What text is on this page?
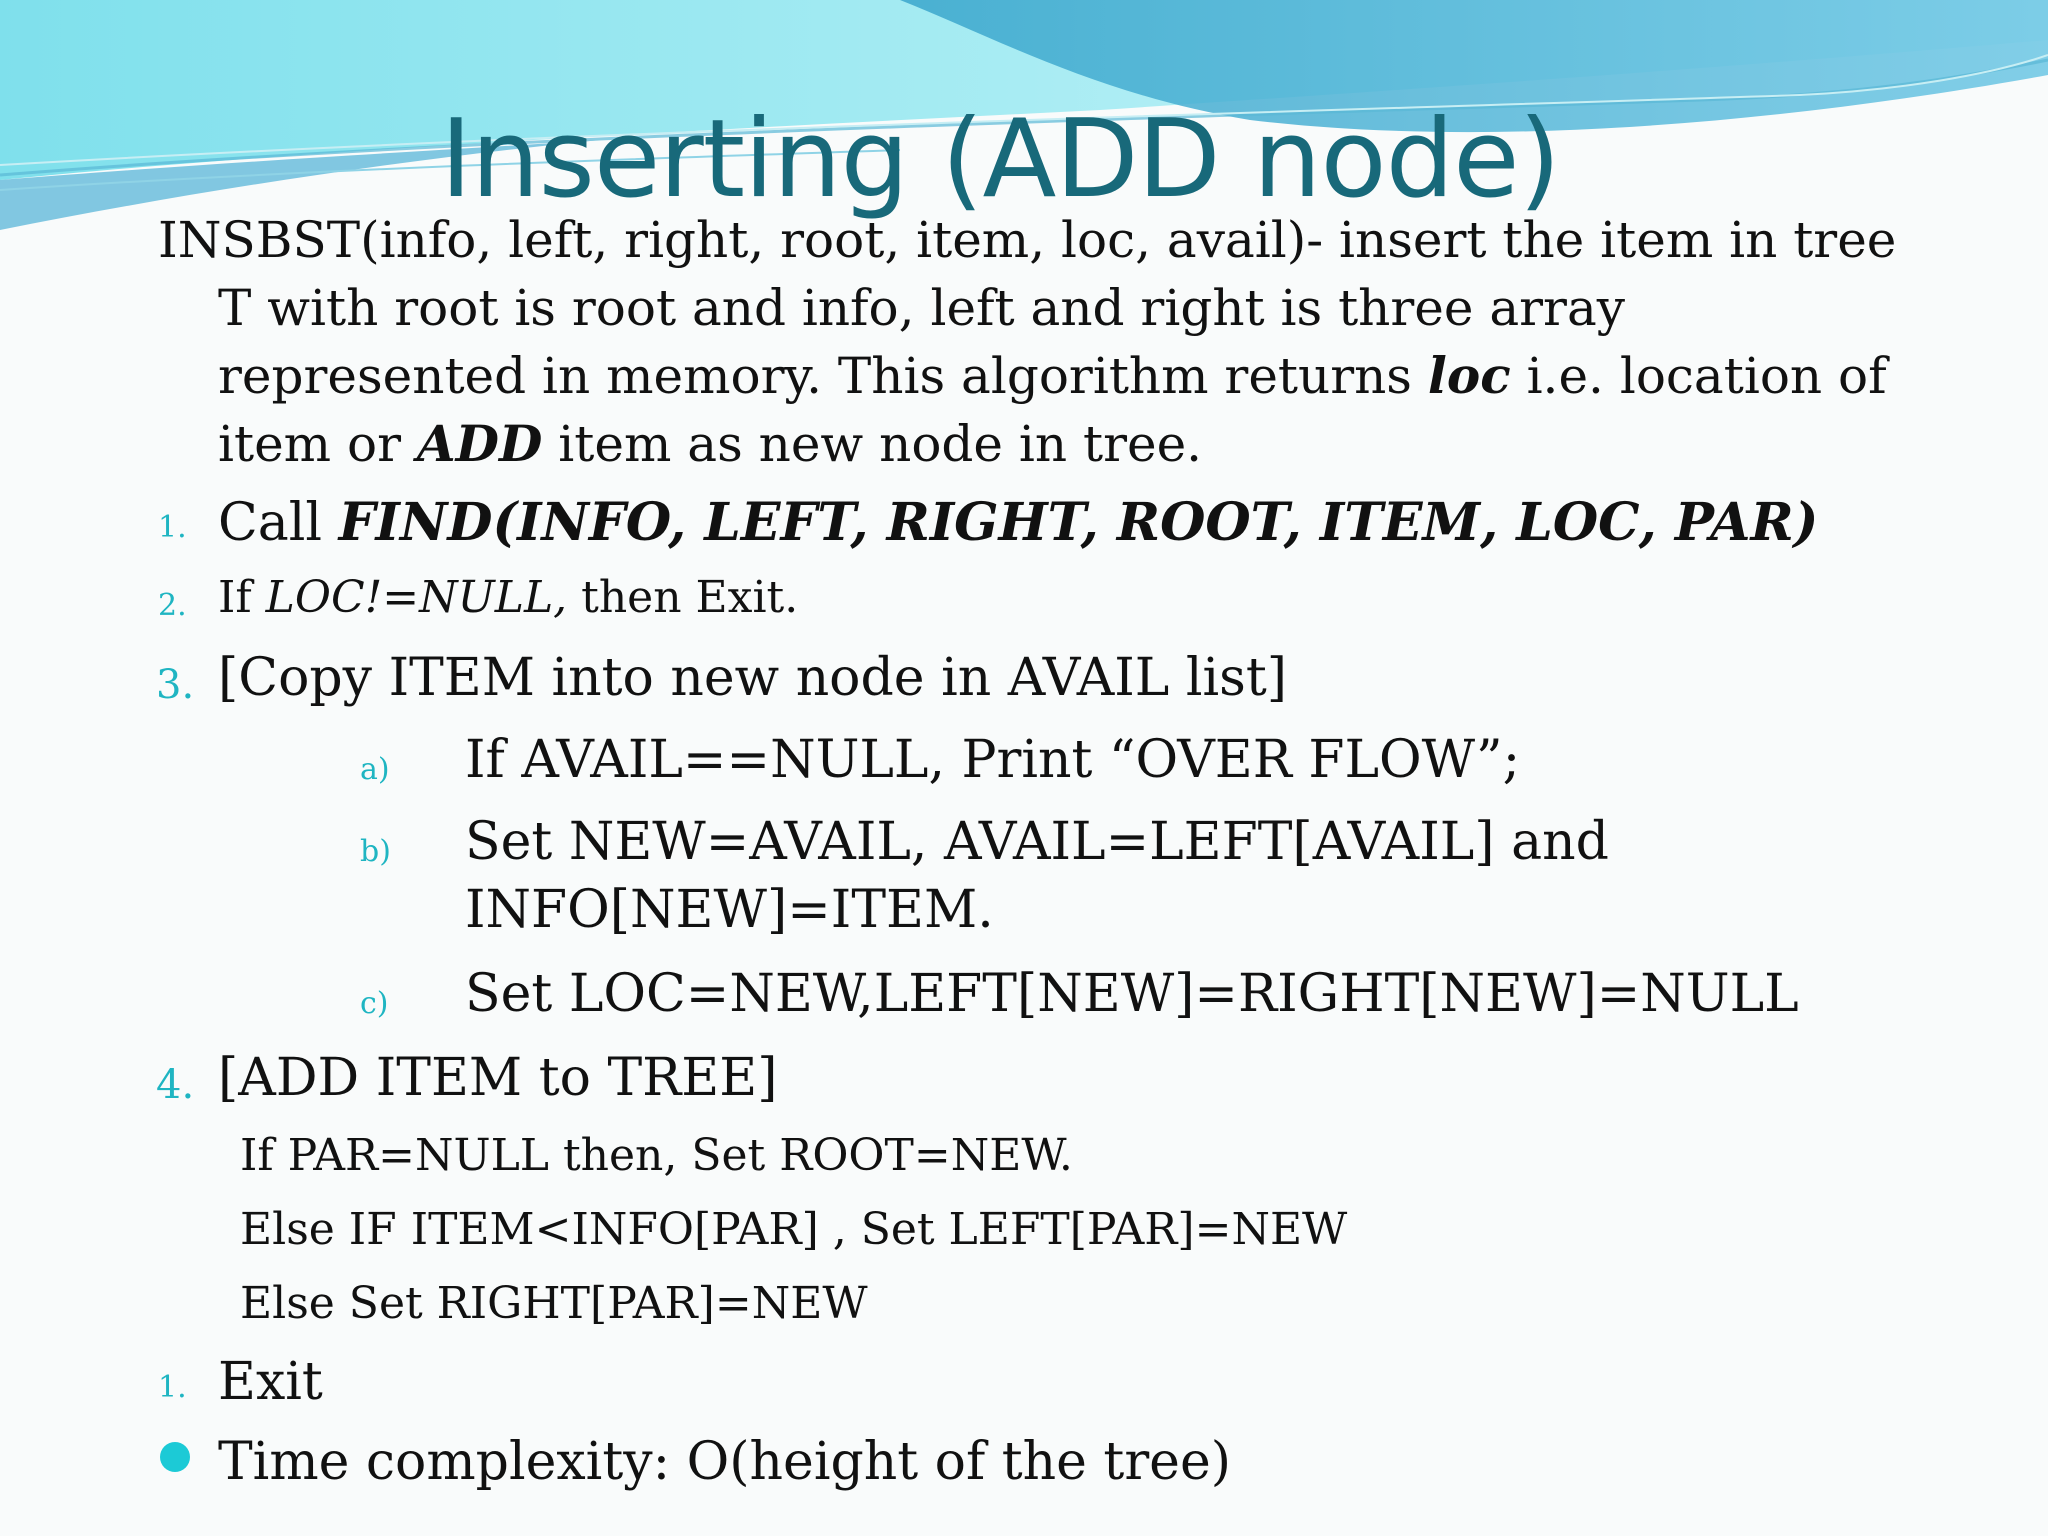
Inserting (ADD node)
INSBST(info, left, right, root, item, loc, avail)- insert the item in tree
T with root is root and info, left and right is three array
represented in memory. This algorithm returns loc i.e. location of
item or ADD item as new node in tree.
1. Call FIND(INFO, LEFT, RIGHT, ROOT, ITEM, LOC, PAR)
2. If LOC!=NULL, then Exit.
3. [Copy ITEM into new node in AVAIL list]
a) If AVAIL==NULL, Print “OVER FLOW”;
b) Set NEW=AVAIL, AVAIL=LEFT[AVAIL] and
INFO[NEW]=ITEM.
c) Set LOC=NEW,LEFT[NEW]=RIGHT[NEW]=NULL
4. [ADD ITEM to TREE]
If PAR=NULL then, Set ROOT=NEW.
Else IF ITEM<INFO[PAR] , Set LEFT[PAR]=NEW
Else Set RIGHT[PAR]=NEW
1. Exit
Time complexity: O(height of the tree)
